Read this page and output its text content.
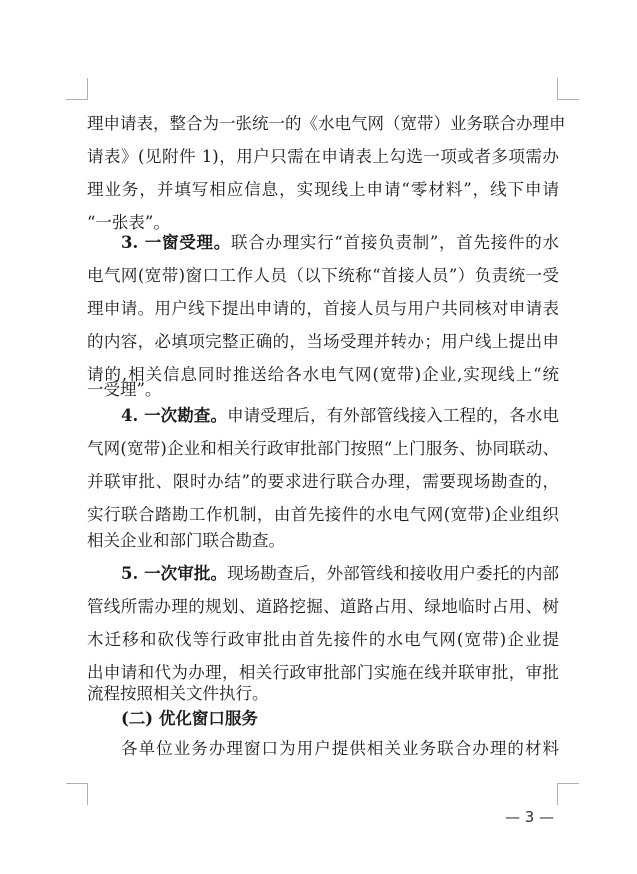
理申请表，整合为一张统一的《水电气网（宽带）业务联合办理申
请表》(见附件 1)，用户只需在申请表上勾选一项或者多项需办
理业务，并填写相应信息，实现线上申请“零材料”，线下申请
“一张表”。
3. 一窗受理。联合办理实行“首接负责制”，首先接件的水
电气网(宽带)窗口工作人员（以下统称“首接人员”）负责统一受
理申请。用户线下提出申请的，首接人员与用户共同核对申请表
的内容，必填项完整正确的，当场受理并转办；用户线上提出申
请的,相关信息同时推送给各水电气网(宽带)企业,实现线上“统
一受理”。
4. 一次勘查。申请受理后，有外部管线接入工程的，各水电
气网(宽带)企业和相关行政审批部门按照“上门服务、协同联动、
并联审批、限时办结”的要求进行联合办理，需要现场勘查的，
实行联合踏勘工作机制，由首先接件的水电气网(宽带)企业组织
相关企业和部门联合勘查。
5. 一次审批。现场勘查后，外部管线和接收用户委托的内部
管线所需办理的规划、道路挖掘、道路占用、绿地临时占用、树
木迁移和砍伐等行政审批由首先接件的水电气网(宽带)企业提
出申请和代为办理，相关行政审批部门实施在线并联审批，审批
流程按照相关文件执行。
(二) 优化窗口服务
各单位业务办理窗口为用户提供相关业务联合办理的材料
— 3 —
